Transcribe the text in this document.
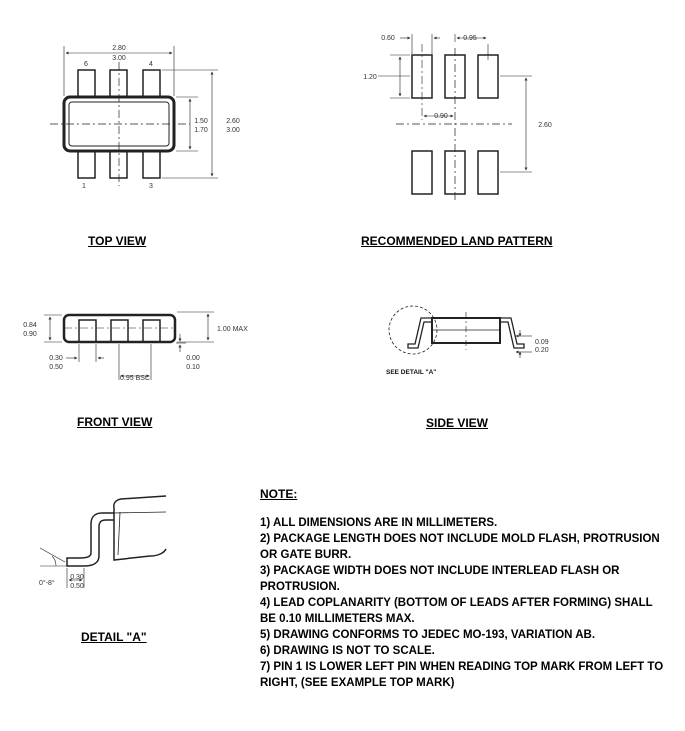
2.80
3.00
1.50
1.70
2.60
3.00
6	4
1	3
0.60	0.95
1.20
0.90
2.60
0.84
0.90
1.00 MAX
0.30
0.50
0.00
0.10
0.95 BSC
0.09
0.20
SEE DETAIL "A"
0°-8°
0.30
0.50
TOP VIEW	RECOMMENDED LAND PATTERN
FRONT VIEW	SIDE VIEW
DETAIL "A"
NOTE:
1) ALL DIMENSIONS ARE IN MILLIMETERS.
2) PACKAGE LENGTH DOES NOT INCLUDE MOLD FLASH, PROTRUSION OR GATE BURR.
3) PACKAGE WIDTH DOES NOT INCLUDE INTERLEAD FLASH OR PROTRUSION.
4) LEAD COPLANARITY (BOTTOM OF LEADS AFTER FORMING) SHALL BE 0.10 MILLIMETERS MAX.
5) DRAWING CONFORMS TO JEDEC MO-193, VARIATION AB.
6) DRAWING IS NOT TO SCALE.
7) PIN 1 IS LOWER LEFT PIN WHEN READING TOP MARK FROM LEFT TO RIGHT, (SEE EXAMPLE TOP MARK)
